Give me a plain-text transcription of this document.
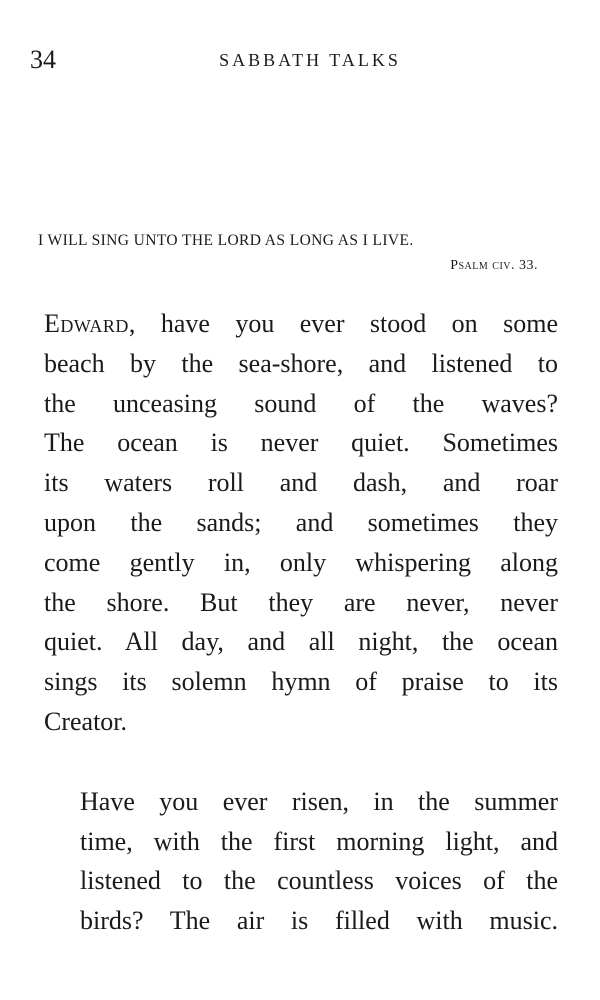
34	SABBATH TALKS
I WILL SING UNTO THE LORD AS LONG AS I LIVE.
Psalm civ. 33.

Edward, have you ever stood on some
beach by the sea-shore, and listened to
the unceasing sound of the waves?
The ocean is never quiet. Sometimes
its waters roll and dash, and roar
upon the sands; and sometimes they
come gently in, only whispering along
the shore. But they are never, never
quiet. All day, and all night, the ocean
sings its solemn hymn of praise to its
Creator.

Have you ever risen, in the summer
time, with the first morning light, and
listened to the countless voices of the
birds? The air is filled with music.
